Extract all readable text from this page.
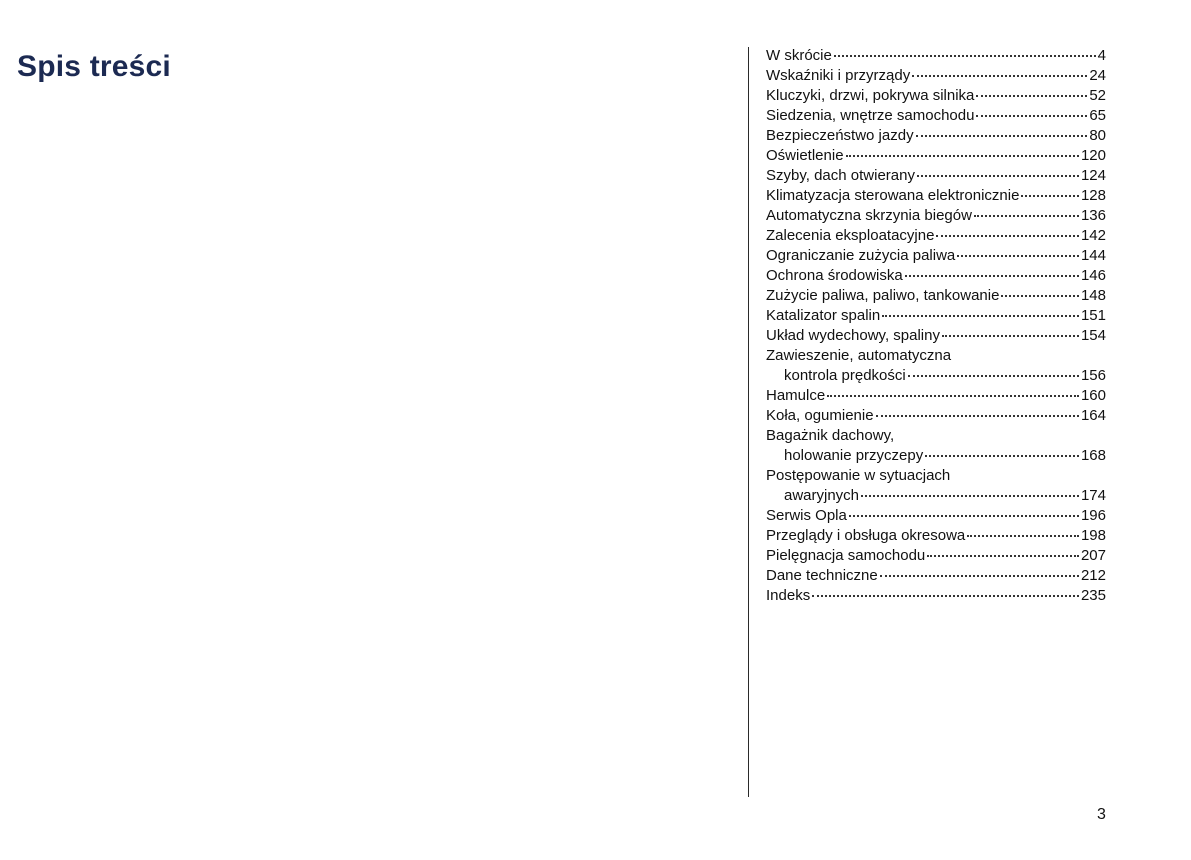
Spis treści	W skrócie	4
Wskaźniki i przyrządy	24
Kluczyki, drzwi, pokrywa silnika	52
Siedzenia, wnętrze samochodu	65
Bezpieczeństwo jazdy	80
Oświetlenie	120
Szyby, dach otwierany	124
Klimatyzacja sterowana elektronicznie	128
Automatyczna skrzynia biegów	136
Zalecenia eksploatacyjne	142
Ograniczanie zużycia paliwa	144
Ochrona środowiska	146
Zużycie paliwa, paliwo, tankowanie	148
Katalizator spalin	151
Układ wydechowy, spaliny	154
Zawieszenie, automatyczna
kontrola prędkości	156
Hamulce	160
Koła, ogumienie	164
Bagażnik dachowy,
holowanie przyczepy	168
Postępowanie w sytuacjach
awaryjnych	174
Serwis Opla	196
Przeglądy i obsługa okresowa	198
Pielęgnacja samochodu	207
Dane techniczne	212
Indeks	235
3
